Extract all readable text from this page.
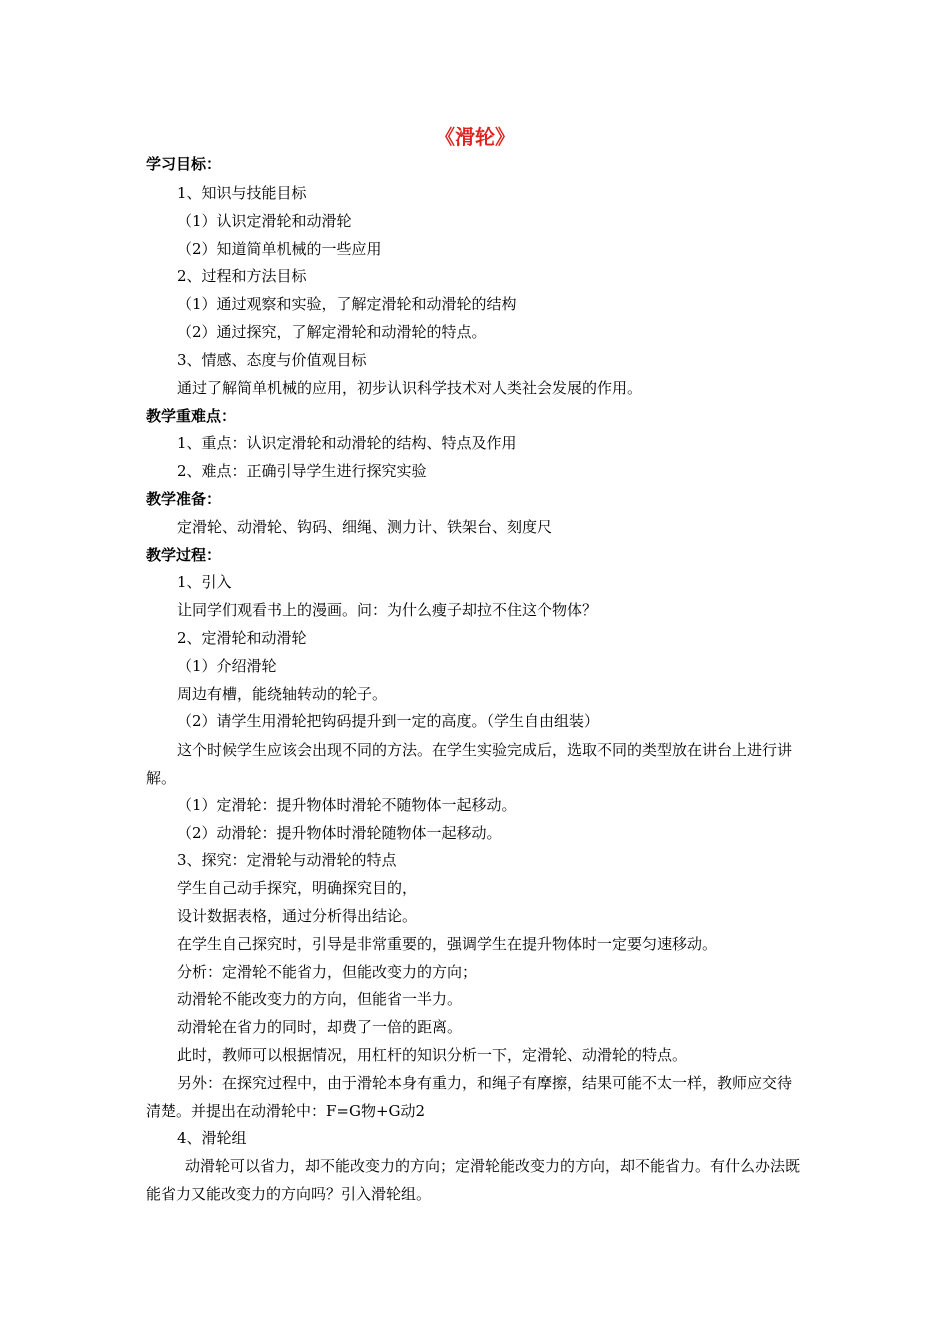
《滑轮》
学习目标：
1、知识与技能目标
（1）认识定滑轮和动滑轮
（2）知道简单机械的一些应用
2、过程和方法目标
（1）通过观察和实验，了解定滑轮和动滑轮的结构
（2）通过探究，了解定滑轮和动滑轮的特点。
3、情感、态度与价值观目标
通过了解简单机械的应用，初步认识科学技术对人类社会发展的作用。
教学重难点：
1、重点：认识定滑轮和动滑轮的结构、特点及作用
2、难点：正确引导学生进行探究实验
教学准备：
定滑轮、动滑轮、钩码、细绳、测力计、铁架台、刻度尺
教学过程：
1、引入
让同学们观看书上的漫画。问：为什么瘦子却拉不住这个物体？
2、定滑轮和动滑轮
（1）介绍滑轮
周边有槽，能绕轴转动的轮子。
（2）请学生用滑轮把钩码提升到一定的高度。（学生自由组装）
这个时候学生应该会出现不同的方法。在学生实验完成后，选取不同的类型放在讲台上进行讲解。
（1）定滑轮：提升物体时滑轮不随物体一起移动。
（2）动滑轮：提升物体时滑轮随物体一起移动。
3、探究：定滑轮与动滑轮的特点
学生自己动手探究，明确探究目的，
设计数据表格，通过分析得出结论。
在学生自己探究时，引导是非常重要的，强调学生在提升物体时一定要匀速移动。
分析：定滑轮不能省力，但能改变力的方向；
动滑轮不能改变力的方向，但能省一半力。
动滑轮在省力的同时，却费了一倍的距离。
此时，教师可以根据情况，用杠杆的知识分析一下，定滑轮、动滑轮的特点。
另外：在探究过程中，由于滑轮本身有重力，和绳子有摩擦，结果可能不太一样，教师应交待清楚。并提出在动滑轮中：F=G物+G动2
4、滑轮组
动滑轮可以省力，却不能改变力的方向；定滑轮能改变力的方向，却不能省力。有什么办法既能省力又能改变力的方向吗？引入滑轮组。
